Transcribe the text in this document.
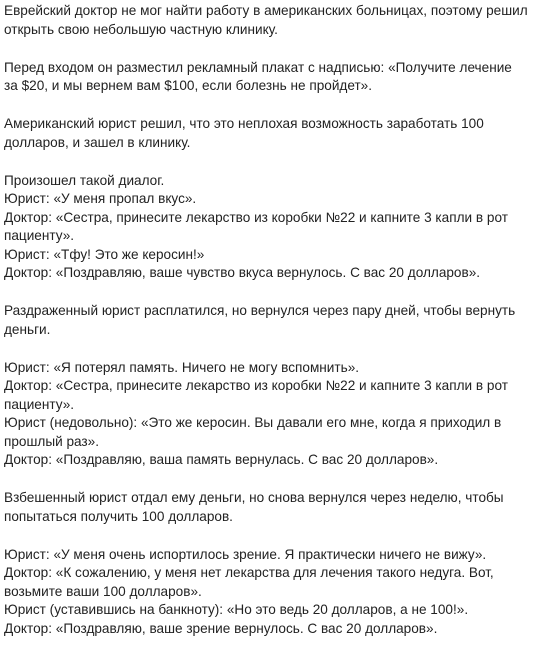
Еврейский доктор не мог найти работу в американских больницах, поэтому решил
открыть свою небольшую частную клинику.
Перед входом он разместил рекламный плакат с надписью: «Получите лечение
за $20, и мы вернем вам $100, если болезнь не пройдет».
Американский юрист решил, что это неплохая возможность заработать 100
долларов, и зашел в клинику.
Произошел такой диалог.
Юрист: «У меня пропал вкус».
Доктор: «Сестра, принесите лекарство из коробки №22 и капните 3 капли в рот
пациенту».
Юрист: «Тфу! Это же керосин!»
Доктор: «Поздравляю, ваше чувство вкуса вернулось. С вас 20 долларов».
Раздраженный юрист расплатился, но вернулся через пару дней, чтобы вернуть
деньги.
Юрист: «Я потерял память. Ничего не могу вспомнить».
Доктор: «Сестра, принесите лекарство из коробки №22 и капните 3 капли в рот
пациенту».
Юрист (недовольно): «Это же керосин. Вы давали его мне, когда я приходил в
прошлый раз».
Доктор: «Поздравляю, ваша память вернулась. С вас 20 долларов».
Взбешенный юрист отдал ему деньги, но снова вернулся через неделю, чтобы
попытаться получить 100 долларов.
Юрист: «У меня очень испортилось зрение. Я практически ничего не вижу».
Доктор: «К сожалению, у меня нет лекарства для лечения такого недуга. Вот,
возьмите ваши 100 долларов».
Юрист (уставившись на банкноту): «Но это ведь 20 долларов, а не 100!».
Доктор: «Поздравляю, ваше зрение вернулось. С вас 20 долларов».
